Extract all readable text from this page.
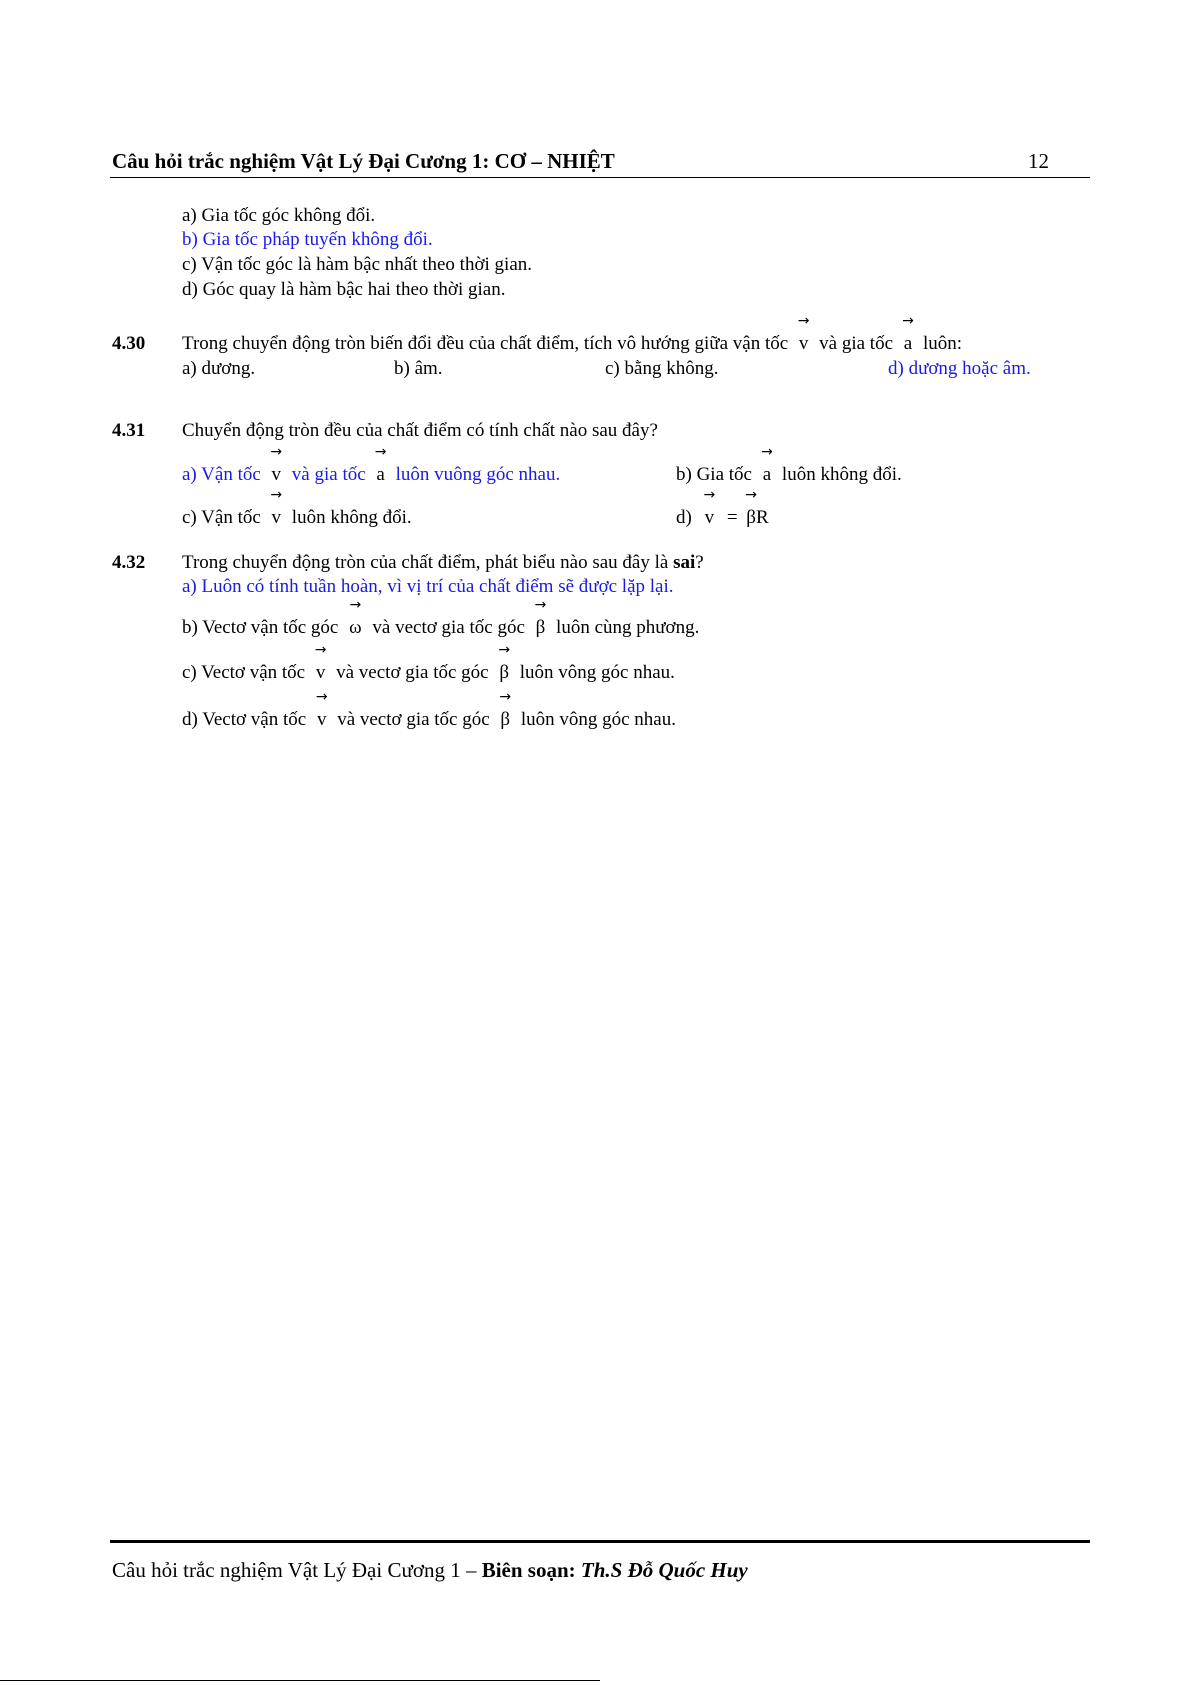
Câu hỏi trắc nghiệm Vật Lý Đại Cương 1: CƠ – NHIỆT	12
a) Gia tốc góc không đổi.
b) Gia tốc pháp tuyến không đổi.
c) Vận tốc góc là hàm bậc nhất theo thời gian.
d) Góc quay là hàm bậc hai theo thời gian.
4.30 Trong chuyển động tròn biến đổi đều của chất điểm, tích vô hướng giữa vận tốc
→
v và gia tốc
→
a luôn:
a) dương.	b) âm.	c) bằng không.	d) dương hoặc âm.
4.31 Chuyển động tròn đều của chất điểm có tính chất nào sau đây?
a) Vận tốc
→
v và gia tốc
→
a luôn vuông góc nhau.	b) Gia tốc
→
a luôn không đổi.
c) Vận tốc
→
v luôn không đổi.	d)
→
v =
→
βR
4.32 Trong chuyển động tròn của chất điểm, phát biểu nào sau đây là sai?
a) Luôn có tính tuần hoàn, vì vị trí của chất điểm sẽ được lặp lại.
b) Vectơ vận tốc góc
→
ω và vectơ gia tốc góc
→
β luôn cùng phương.
c) Vectơ vận tốc
→
v và vectơ gia tốc góc
→
β luôn vông góc nhau.
d) Vectơ vận tốc
→
v và vectơ gia tốc góc
→
β luôn vông góc nhau.
Câu hỏi trắc nghiệm Vật Lý Đại Cương 1 – Biên soạn: Th.S Đỗ Quốc Huy
